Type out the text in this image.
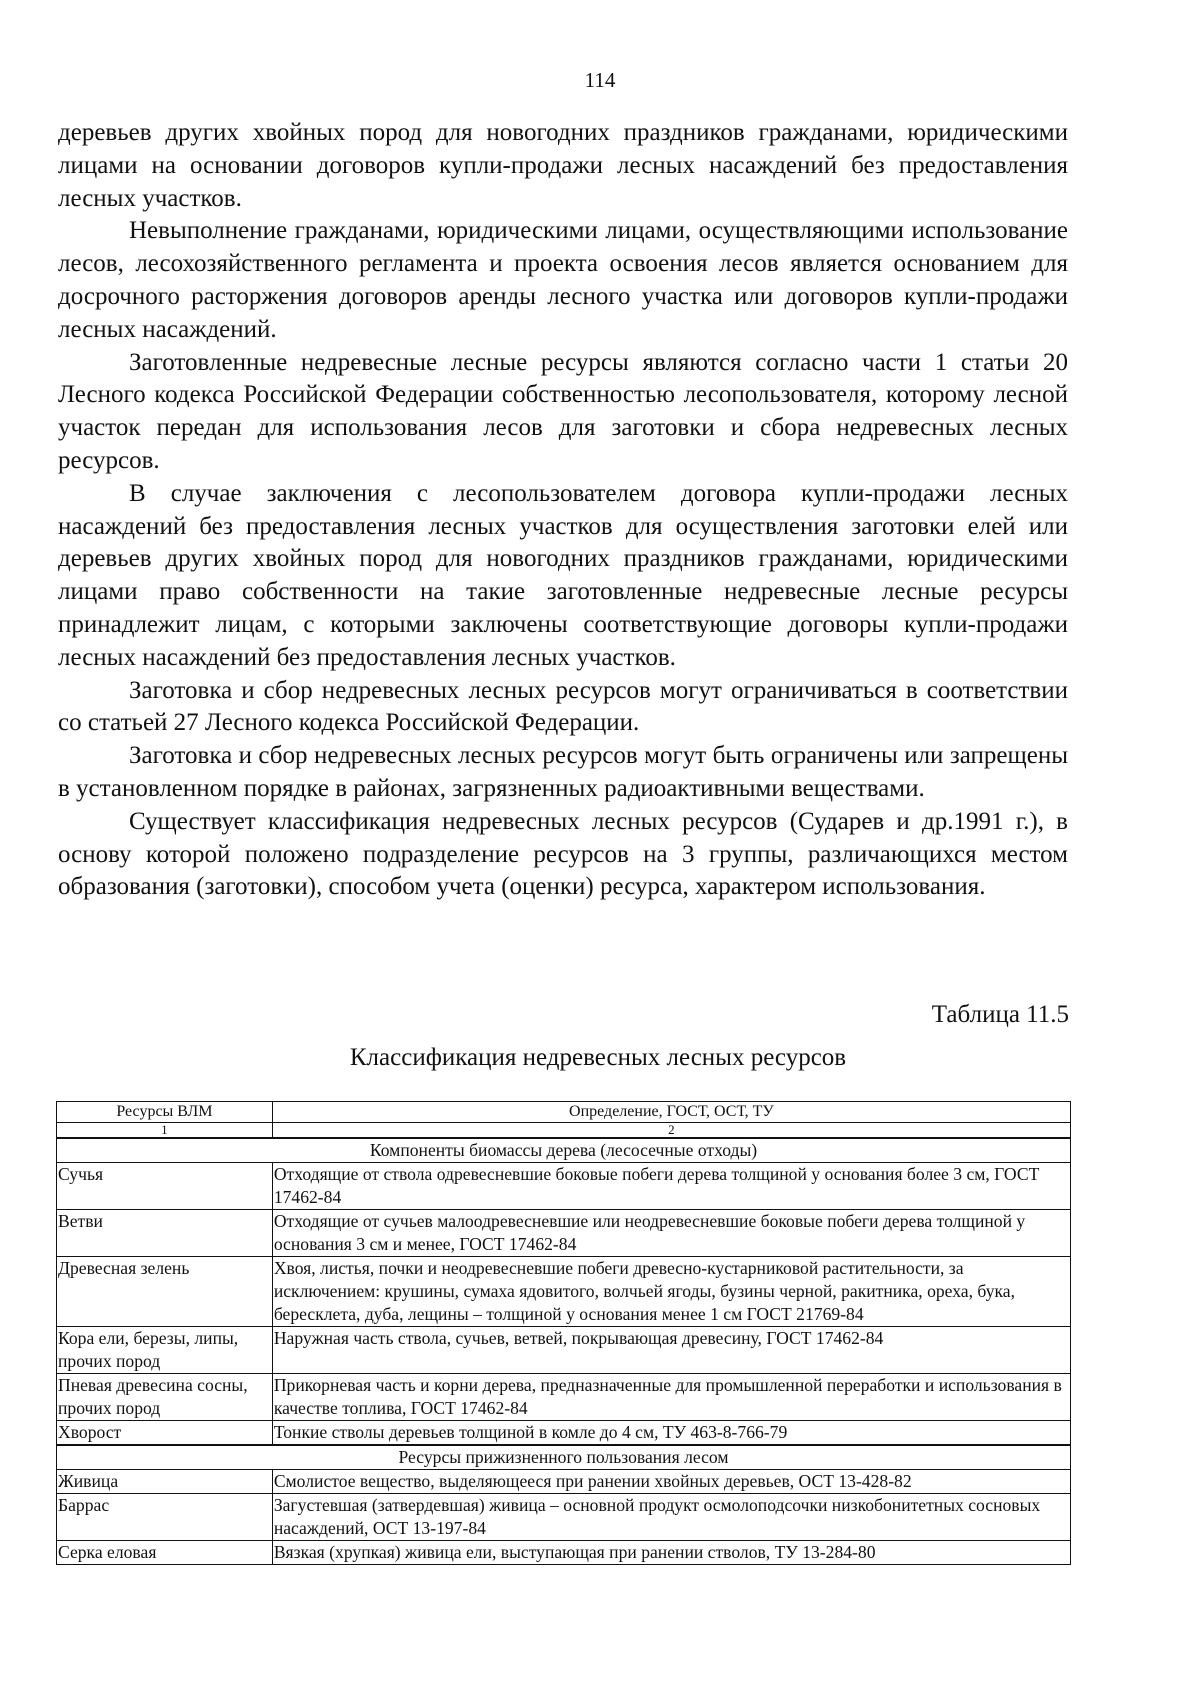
114

деревьев других хвойных пород для новогодних праздников гражданами, юридическими лицами на основании договоров купли-продажи лесных насаждений без предоставления лесных участков.

Невыполнение гражданами, юридическими лицами, осуществляющими использование лесов, лесохозяйственного регламента и проекта освоения лесов является основанием для досрочного расторжения договоров аренды лесного участка или договоров купли-продажи лесных насаждений.

Заготовленные недревесные лесные ресурсы являются согласно части 1 статьи 20 Лесного кодекса Российской Федерации собственностью лесопользователя, которому лесной участок передан для использования лесов для заготовки и сбора недревесных лесных ресурсов.

В случае заключения с лесопользователем договора купли-продажи лесных насаждений без предоставления лесных участков для осуществления заготовки елей или деревьев других хвойных пород для новогодних праздников гражданами, юридическими лицами право собственности на такие заготовленные недревесные лесные ресурсы принадлежит лицам, с которыми заключены соответствующие договоры купли-продажи лесных насаждений без предоставления лесных участков.

Заготовка и сбор недревесных лесных ресурсов могут ограничиваться в соответствии со статьей 27 Лесного кодекса Российской Федерации.

Заготовка и сбор недревесных лесных ресурсов могут быть ограничены или запрещены в установленном порядке в районах, загрязненных радиоактивными веществами.

Существует классификация недревесных лесных ресурсов (Сударев и др.1991 г.), в основу которой положено подразделение ресурсов на 3 группы, различающихся местом образования (заготовки), способом учета (оценки) ресурса, характером использования.

Таблица 11.5
Классификация недревесных лесных ресурсов
Ресурсы ВЛМ	Определение, ГОСТ, ОСТ, ТУ
1	2
Компоненты биомассы дерева (лесосечные отходы)	
Сучья	Отходящие от ствола одревесневшие боковые побеги дерева толщиной у основания более 3 см, ГОСТ 17462-84
Ветви	Отходящие от сучьев малоодревесневшие или неодревесневшие боковые побеги дерева толщиной у основания 3 см и менее, ГОСТ 17462-84
Древесная зелень	Хвоя, листья, почки и неодревесневшие побеги древесно-кустарниковой растительности, за исключением: крушины, сумаха ядовитого, волчьей ягоды, бузины черной, ракитника, ореха, бука, бересклета, дуба, лещины – толщиной у основания менее 1 см ГОСТ 21769-84
Кора ели, березы, липы, прочих пород	Наружная часть ствола, сучьев, ветвей, покрывающая древесину, ГОСТ 17462-84
Пневая древесина сосны, прочих пород	Прикорневая часть и корни дерева, предназначенные для промышленной переработки и использования в качестве топлива, ГОСТ 17462-84
Хворост	Тонкие стволы деревьев толщиной в комле до 4 см, ТУ 463-8-766-79
Ресурсы прижизненного пользования лесом	
Живица	Смолистое вещество, выделяющееся при ранении хвойных деревьев, ОСТ 13-428-82
Баррас	Загустевшая (затвердевшая) живица – основной продукт осмолоподсочки низкобонитетных сосновых насаждений, ОСТ 13-197-84
Серка еловая	Вязкая (хрупкая) живица ели, выступающая при ранении стволов, ТУ 13-284-80
